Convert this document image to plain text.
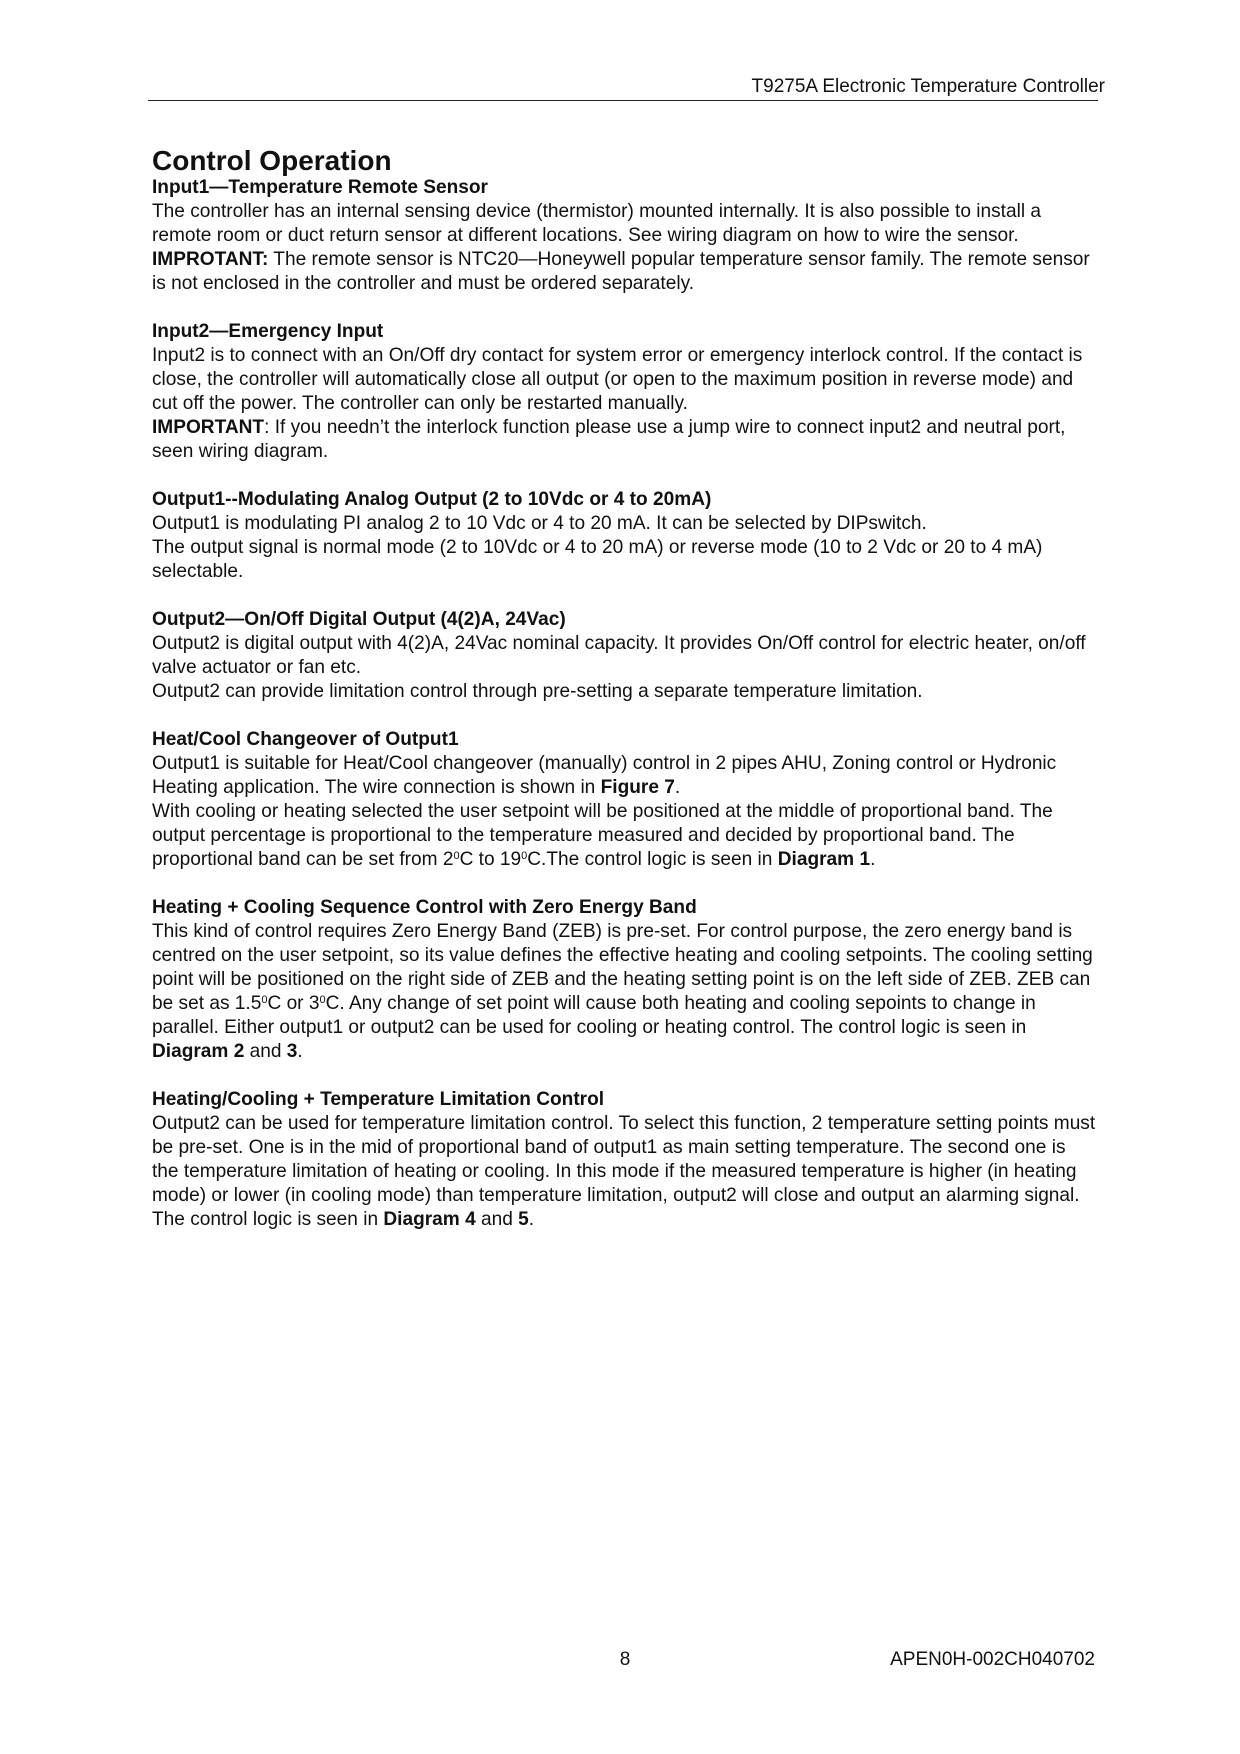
T9275A Electronic Temperature Controller
Control Operation
Input1—Temperature Remote Sensor

The controller has an internal sensing device (thermistor) mounted internally. It is also possible to install a remote room or duct return sensor at different locations. See wiring diagram on how to wire the sensor.

IMPROTANT: The remote sensor is NTC20—Honeywell popular temperature sensor family. The remote sensor is not enclosed in the controller and must be ordered separately.

Input2—Emergency Input

Input2 is to connect with an On/Off dry contact for system error or emergency interlock control. If the contact is close, the controller will automatically close all output (or open to the maximum position in reverse mode) and cut off the power. The controller can only be restarted manually.

IMPORTANT: If you needn’t the interlock function please use a jump wire to connect input2 and neutral port, seen wiring diagram.

Output1--Modulating Analog Output (2 to 10Vdc or 4 to 20mA)

Output1 is modulating PI analog 2 to 10 Vdc or 4 to 20 mA. It can be selected by DIPswitch.

The output signal is normal mode (2 to 10Vdc or 4 to 20 mA) or reverse mode (10 to 2 Vdc or 20 to 4 mA) selectable.

Output2—On/Off Digital Output (4(2)A, 24Vac)

Output2 is digital output with 4(2)A, 24Vac nominal capacity. It provides On/Off control for electric heater, on/off valve actuator or fan etc.

Output2 can provide limitation control through pre-setting a separate temperature limitation.

Heat/Cool Changeover of Output1

Output1 is suitable for Heat/Cool changeover (manually) control in 2 pipes AHU, Zoning control or Hydronic Heating application. The wire connection is shown in Figure 7.

With cooling or heating selected the user setpoint will be positioned at the middle of proportional band. The output percentage is proportional to the temperature measured and decided by proportional band. The proportional band can be set from $2^0C$ to $19^0C.The$ control logic is seen in Diagram 1.

Heating + Cooling Sequence Control with Zero Energy Band

This kind of control requires Zero Energy Band (ZEB) is pre-set. For control purpose, the zero energy band is centred on the user setpoint, so its value defines the effective heating and cooling setpoints. The cooling setting point will be positioned on the right side of ZEB and the heating setting point is on the left side of ZEB. ZEB can be set as $1.5^0C$ or $3^0C$. Any change of set point will cause both heating and cooling sepoints to change in parallel. Either output1 or output2 can be used for cooling or heating control. The control logic is seen in Diagram 2 and 3.

Heating/Cooling + Temperature Limitation Control

Output2 can be used for temperature limitation control. To select this function, 2 temperature setting points must be pre-set. One is in the mid of proportional band of output1 as main setting temperature. The second one is the temperature limitation of heating or cooling. In this mode if the measured temperature is higher (in heating mode) or lower (in cooling mode) than temperature limitation, output2 will close and output an alarming signal. The control logic is seen in Diagram 4 and 5.

8	APEN0H-002CH040702
